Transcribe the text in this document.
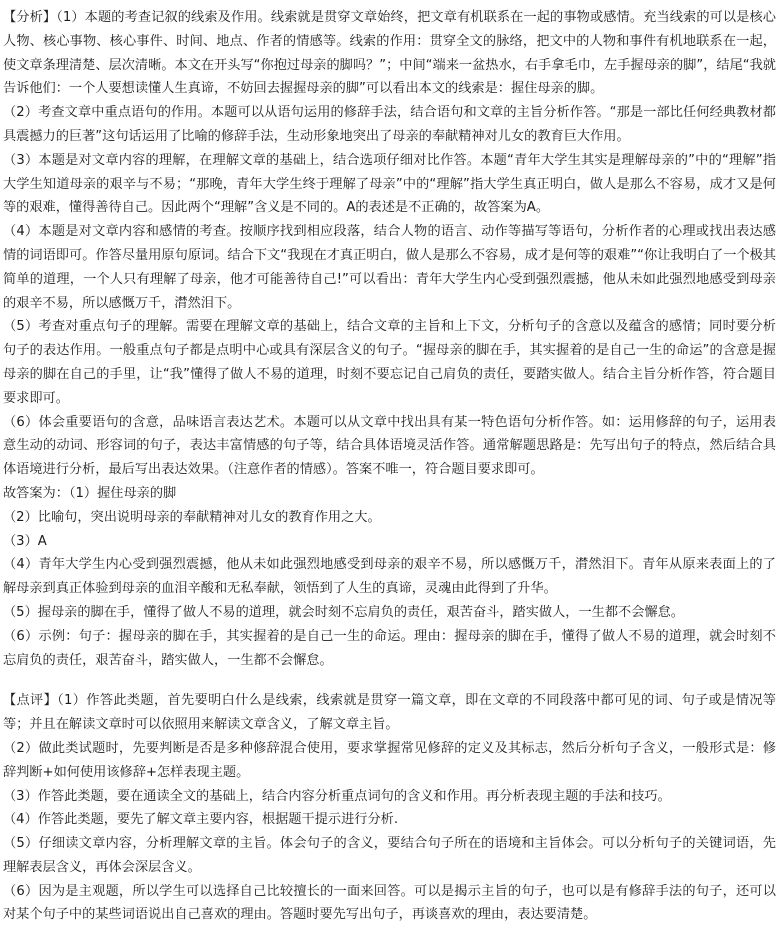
【分析】（1）本题的考查记叙的线索及作用。线索就是贯穿文章始终，把文章有机联系在一起的事物或感情。充当线索的可以是核心人物、核心事物、核心事件、时间、地点、作者的情感等。线索的作用：贯穿全文的脉络，把文中的人物和事件有机地联系在一起，使文章条理清楚、层次清晰。本文在开头写“你抱过母亲的脚吗？”；中间“端来一盆热水，右手拿毛巾，左手握母亲的脚”，结尾“我就告诉他们：一个人要想读懂人生真谛，不妨回去握握母亲的脚”可以看出本文的线索是：握住母亲的脚。

（2）考查文章中重点语句的作用。本题可以从语句运用的修辞手法，结合语句和文章的主旨分析作答。“那是一部比任何经典教材都具震撼力的巨著”这句话运用了比喻的修辞手法，生动形象地突出了母亲的奉献精神对儿女的教育巨大作用。

（3）本题是对文章内容的理解，在理解文章的基础上，结合选项仔细对比作答。本题“青年大学生其实是理解母亲的”中的“理解”指大学生知道母亲的艰辛与不易；“那晚，青年大学生终于理解了母亲”中的“理解”指大学生真正明白，做人是那么不容易，成才又是何等的艰难，懂得善待自己。因此两个“理解”含义是不同的。A的表述是不正确的，故答案为A。

（4）本题是对文章内容和感情的考查。按顺序找到相应段落，结合人物的语言、动作等描写等语句，分析作者的心理或找出表达感情的词语即可。作答尽量用原句原词。结合下文“我现在才真正明白，做人是那么不容易，成才是何等的艰难”“你让我明白了一个极其简单的道理，一个人只有理解了母亲，他才可能善待自己!”可以看出：青年大学生内心受到强烈震撼，他从未如此强烈地感受到母亲的艰辛不易，所以感慨万千，潸然泪下。

（5）考查对重点句子的理解。需要在理解文章的基础上，结合文章的主旨和上下文，分析句子的含意以及蕴含的感情；同时要分析句子的表达作用。一般重点句子都是点明中心或具有深层含义的句子。“握母亲的脚在手，其实握着的是自己一生的命运”的含意是握母亲的脚在自己的手里，让“我”懂得了做人不易的道理，时刻不要忘记自己肩负的责任，要踏实做人。结合主旨分析作答，符合题目要求即可。

（6）体会重要语句的含意，品味语言表达艺术。本题可以从文章中找出具有某一特色语句分析作答。如：运用修辞的句子，运用表意生动的动词、形容词的句子，表达丰富情感的句子等，结合具体语境灵活作答。通常解题思路是：先写出句子的特点，然后结合具体语境进行分析，最后写出表达效果。（注意作者的情感）。答案不唯一，符合题目要求即可。

故答案为：（1）握住母亲的脚

（2）比喻句，突出说明母亲的奉献精神对儿女的教育作用之大。

（3）A

（4）青年大学生内心受到强烈震撼，他从未如此强烈地感受到母亲的艰辛不易，所以感慨万千，潸然泪下。青年从原来表面上的了解母亲到真正体验到母亲的血泪辛酸和无私奉献，领悟到了人生的真谛，灵魂由此得到了升华。

（5）握母亲的脚在手，懂得了做人不易的道理，就会时刻不忘肩负的责任，艰苦奋斗，踏实做人，一生都不会懈怠。

（6）示例：句子：握母亲的脚在手，其实握着的是自己一生的命运。理由：握母亲的脚在手，懂得了做人不易的道理，就会时刻不忘肩负的责任，艰苦奋斗，踏实做人，一生都不会懈怠。

【点评】（1）作答此类题，首先要明白什么是线索，线索就是贯穿一篇文章，即在文章的不同段落中都可见的词、句子或是情况等等；并且在解读文章时可以依照用来解读文章含义，了解文章主旨。

（2）做此类试题时，先要判断是否是多种修辞混合使用，要求掌握常见修辞的定义及其标志，然后分析句子含义，一般形式是：修辞判断+如何使用该修辞+怎样表现主题。

（3）作答此类题，要在通读全文的基础上，结合内容分析重点词句的含义和作用。再分析表现主题的手法和技巧。

（4）作答此类题，要先了解文章主要内容，根据题干提示进行分析.

（5）仔细读文章内容，分析理解文章的主旨。体会句子的含义，要结合句子所在的语境和主旨体会。可以分析句子的关键词语，先理解表层含义，再体会深层含义。

（6）因为是主观题，所以学生可以选择自己比较擅长的一面来回答。可以是揭示主旨的句子，也可以是有修辞手法的句子，还可以对某个句子中的某些词语说出自己喜欢的理由。答题时要先写出句子，再谈喜欢的理由，表达要清楚。
